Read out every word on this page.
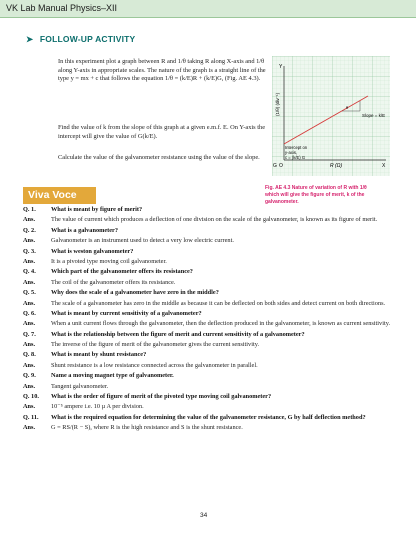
VK Lab Manual Physics–XII
➤ FOLLOW-UP ACTIVITY
In this experiment plot a graph between R and 1/θ taking R along X-axis and 1/θ along Y-axis in appropriate scales. The nature of the graph is a straight line of the type y = mx + c that follows the equation 1/θ = (k/E)R + (k/E)G, (Fig. AE 4.3).
Find the value of k from the slope of this graph at a given e.m.f. E. On Y-axis the intercept will give the value of G(k/E).
Calculate the value of the galvanometer resistance using the value of the slope.
Y
X
O	R (Ω)
(1/θ) (div⁻¹)	θ
Slope = k/E
Intercept on
y-axis,
c = (k/E) G
G
Fig. AE 4.3 Nature of variation of R with 1/θ which will give the figure of merit, k of the galvanometer.
Viva Voce
Q. 1.	What is meant by figure of merit?
Ans.	The value of current which produces a deflection of one division on the scale of the galvanometer, is known as its figure of merit.
Q. 2.	What is a galvanometer?
Ans.	Galvanometer is an instrument used to detect a very low electric current.
Q. 3.	What is weston galvanometer?
Ans.	It is a pivoted type moving coil galvanometer.
Q. 4.	Which part of the galvanometer offers its resistance?
Ans.	The coil of the galvanometer offers its resistance.
Q. 5.	Why does the scale of a galvanometer have zero in the middle?
Ans.	The scale of a galvanometer has zero in the middle as because it can be deflected on both sides and detect current on both directions.
Q. 6.	What is meant by current sensitivity of a galvanometer?
Ans.	When a unit current flows through the galvanometer, then the deflection produced in the galvanometer, is known as current sensitivity.
Q. 7.	What is the relationship between the figure of merit and current sensitivity of a galvanometer?
Ans.	The inverse of the figure of merit of the galvanometer gives the current sensitivity.
Q. 8.	What is meant by shunt resistance?
Ans.	Shunt resistance is a low resistance connected across the galvanometer in parallel.
Q. 9.	Name a moving magnet type of galvanometer.
Ans.	Tangent galvanometer.
Q. 10.	What is the order of figure of merit of the pivoted type moving coil galvanometer?
Ans.	10⁻⁵ ampere i.e. 10 µ A per division.
Q. 11.	What is the required equation for determining the value of the galvanometer resistance, G by half deflection method?
Ans.	G = RS/(R − S), where R is the high resistance and S is the shunt resistance.
34
